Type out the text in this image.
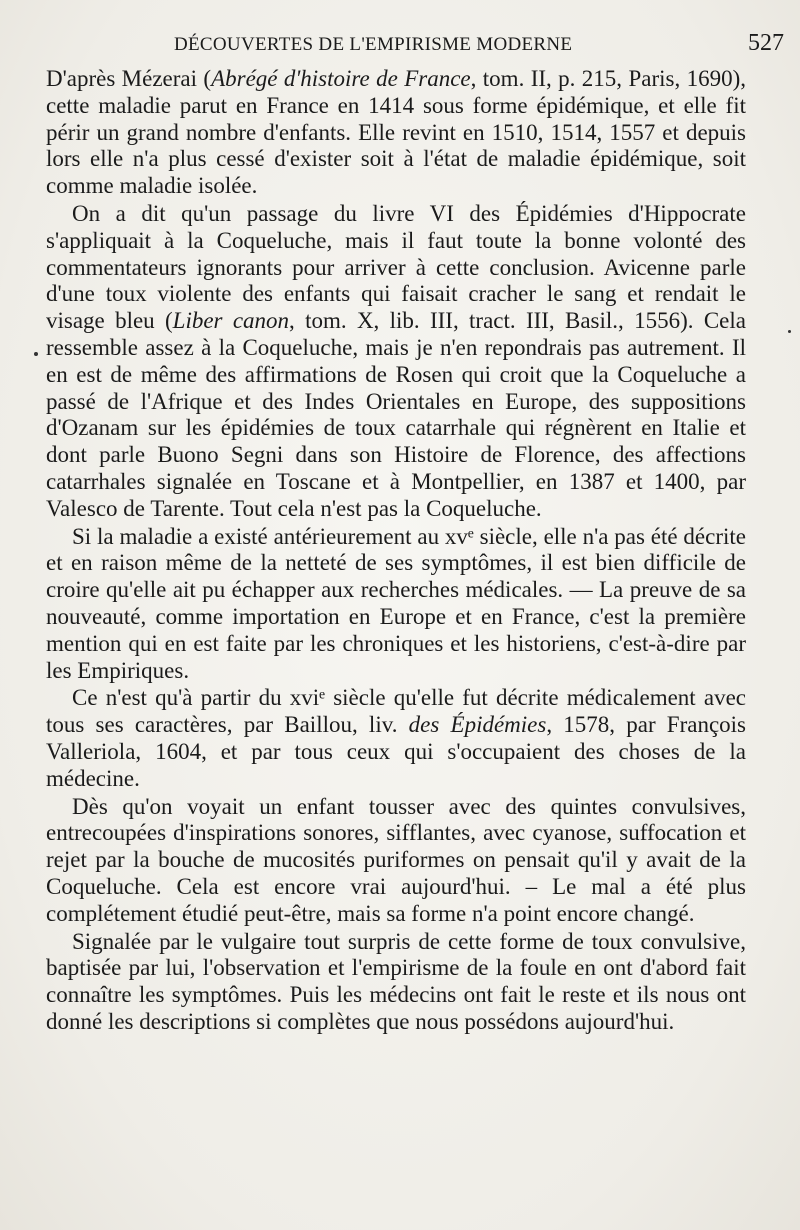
DÉCOUVERTES DE L'EMPIRISME MODERNE	527

D'après Mézerai (Abrégé d'histoire de France, tom. II, p. 215, Paris, 1690), cette maladie parut en France en 1414 sous forme épidémique, et elle fit périr un grand nombre d'enfants. Elle revint en 1510, 1514, 1557 et depuis lors elle n'a plus cessé d'exister soit à l'état de maladie épidémique, soit comme maladie isolée.

On a dit qu'un passage du livre VI des Épidémies d'Hippocrate s'appliquait à la Coqueluche, mais il faut toute la bonne volonté des commentateurs ignorants pour arriver à cette conclusion. Avicenne parle d'une toux violente des enfants qui faisait cracher le sang et rendait le visage bleu (Liber canon, tom. X, lib. III, tract. III, Basil., 1556). Cela ressemble assez à la Coqueluche, mais je n'en repondrais pas autrement. Il en est de même des affirmations de Rosen qui croit que la Coqueluche a passé de l'Afrique et des Indes Orientales en Europe, des suppositions d'Ozanam sur les épidémies de toux catarrhale qui régnèrent en Italie et dont parle Buono Segni dans son Histoire de Florence, des affections catarrhales signalée en Toscane et à Montpellier, en 1387 et 1400, par Valesco de Tarente. Tout cela n'est pas la Coqueluche.

Si la maladie a existé antérieurement au xvᵉ siècle, elle n'a pas été décrite et en raison même de la netteté de ses symptômes, il est bien difficile de croire qu'elle ait pu échapper aux recherches médicales. — La preuve de sa nouveauté, comme importation en Europe et en France, c'est la première mention qui en est faite par les chroniques et les historiens, c'est-à-dire par les Empiriques.

Ce n'est qu'à partir du xviᵉ siècle qu'elle fut décrite médicalement avec tous ses caractères, par Baillou, liv. des Épidémies, 1578, par François Valleriola, 1604, et par tous ceux qui s'occupaient des choses de la médecine.

Dès qu'on voyait un enfant tousser avec des quintes convulsives, entrecoupées d'inspirations sonores, sifflantes, avec cyanose, suffocation et rejet par la bouche de mucosités puriformes on pensait qu'il y avait de la Coqueluche. Cela est encore vrai aujourd'hui. – Le mal a été plus complétement étudié peut-être, mais sa forme n'a point encore changé.

Signalée par le vulgaire tout surpris de cette forme de toux convulsive, baptisée par lui, l'observation et l'empirisme de la foule en ont d'abord fait connaître les symptômes. Puis les médecins ont fait le reste et ils nous ont donné les descriptions si complètes que nous possédons aujourd'hui.
